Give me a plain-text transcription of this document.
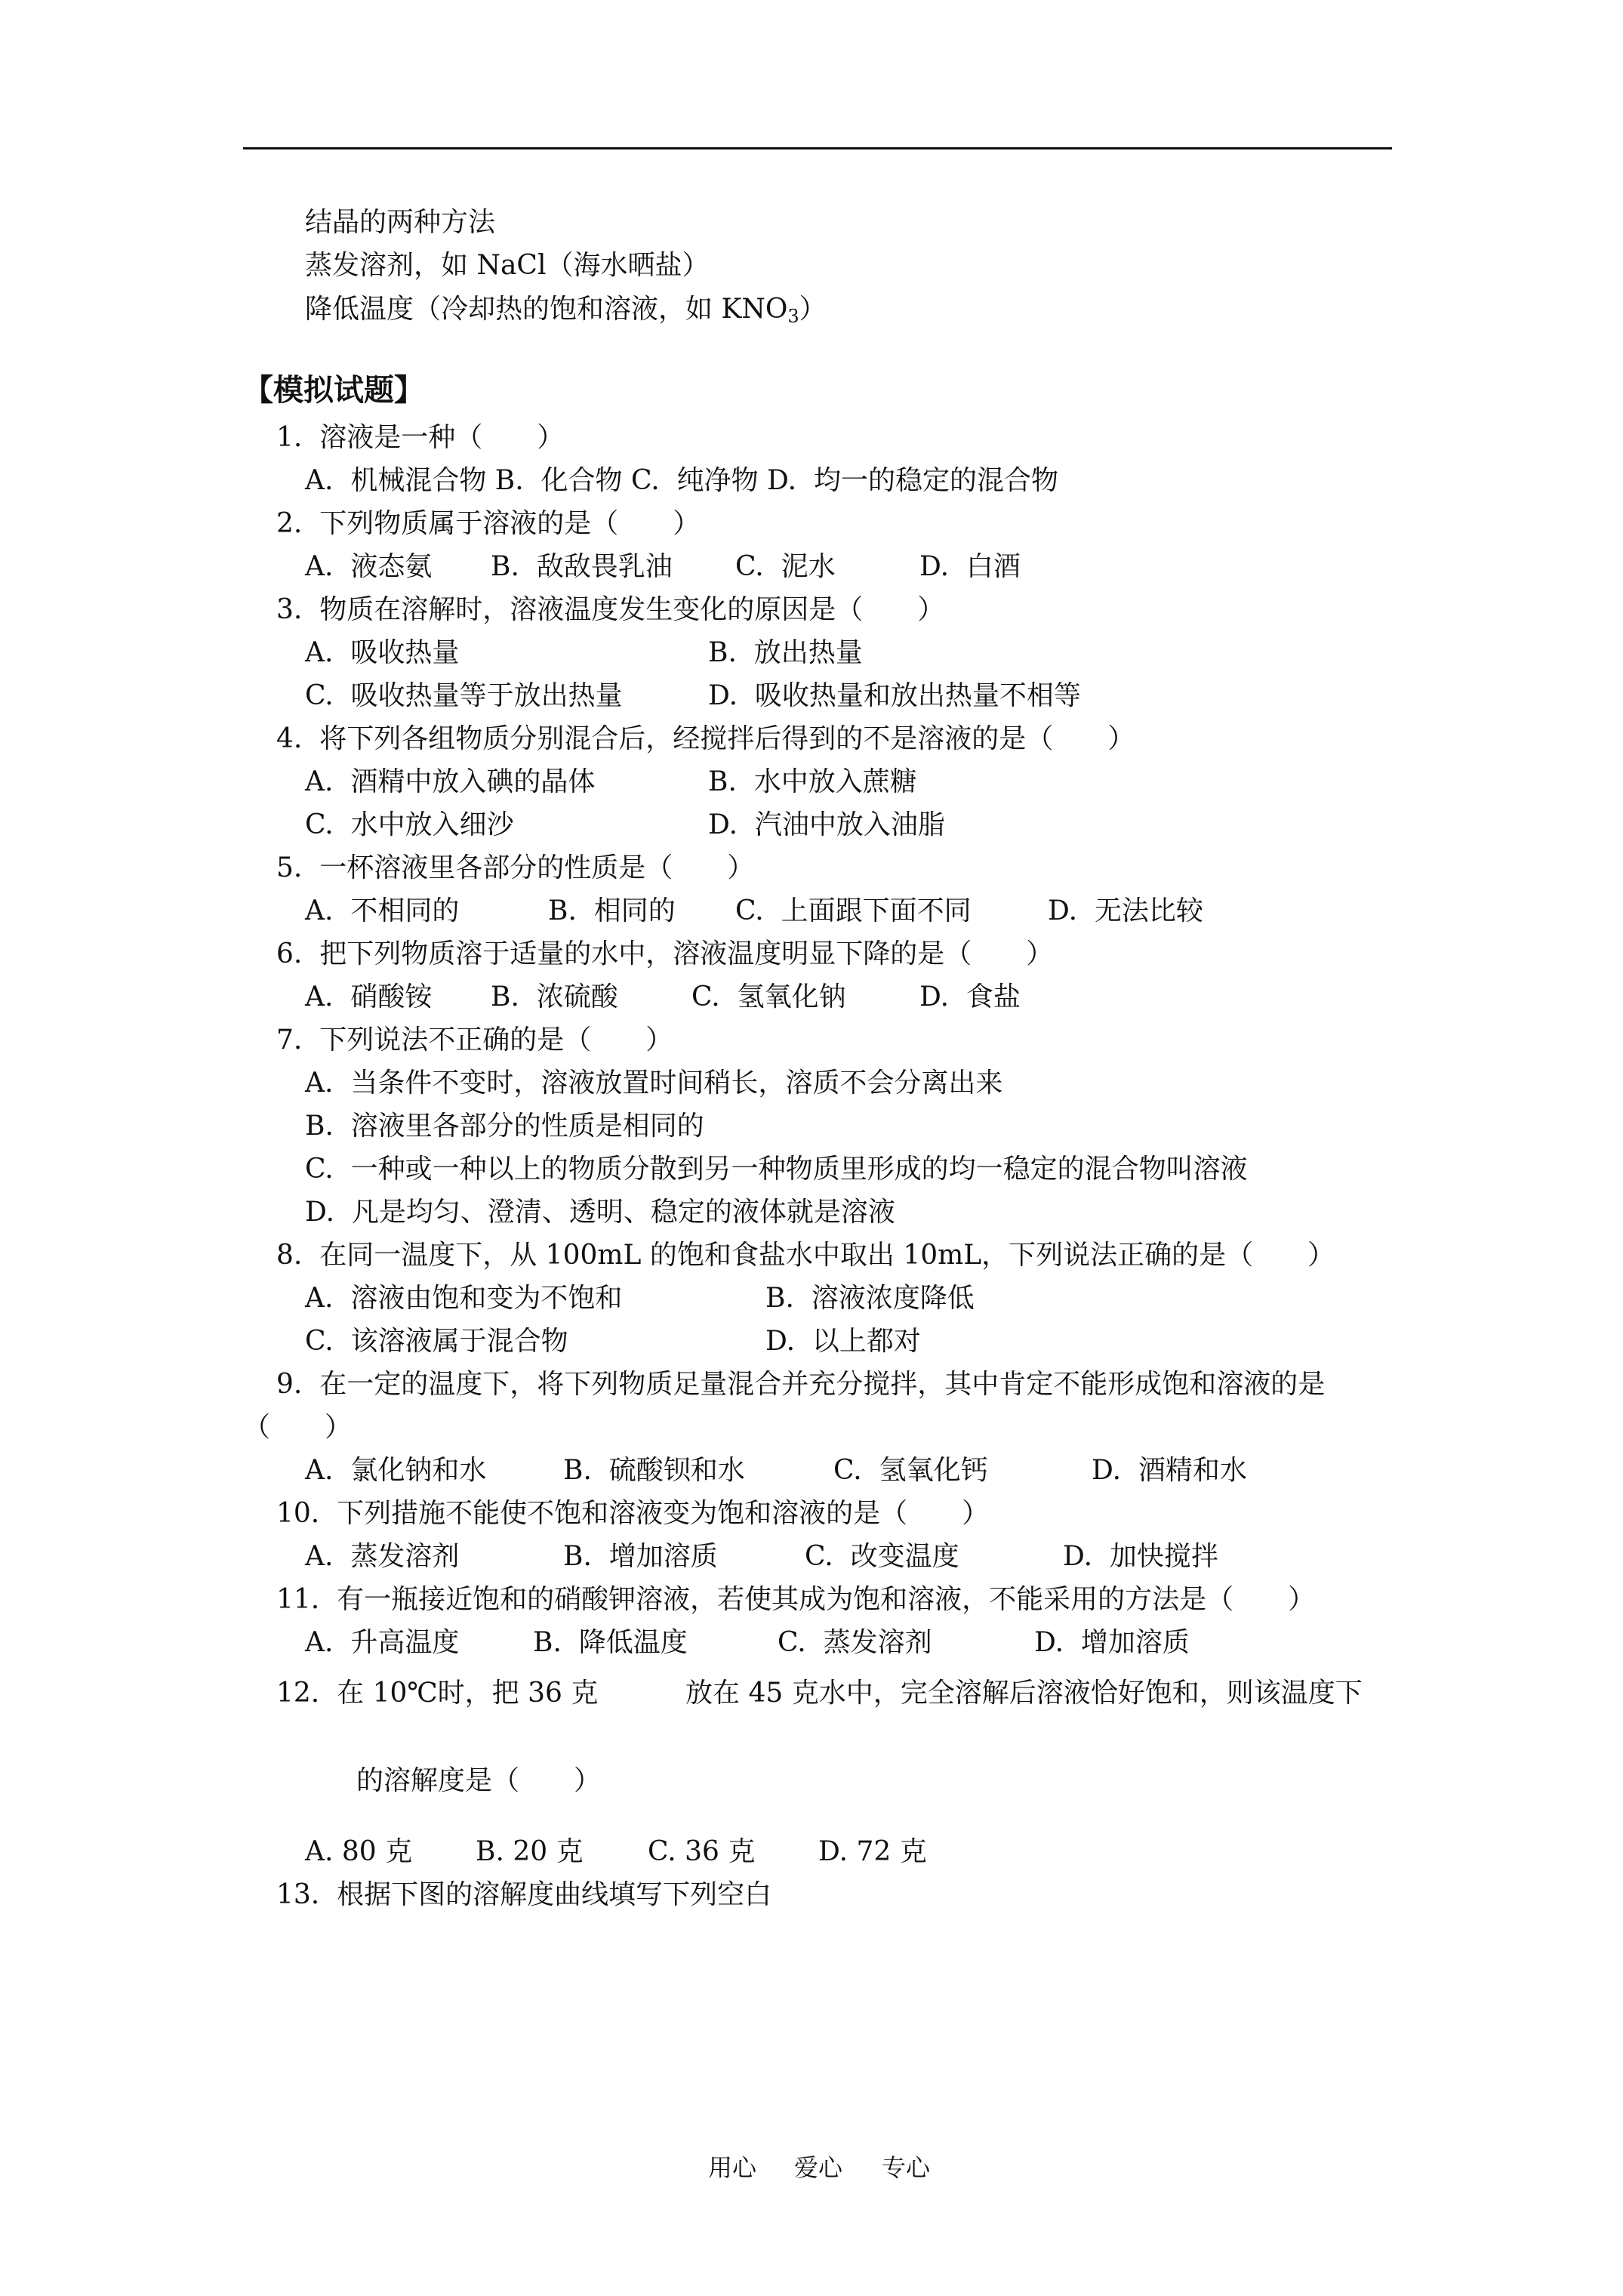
结晶的两种方法
蒸发溶剂，如 NaCl（海水晒盐）
降低温度（冷却热的饱和溶液，如 $KNO_3$）
【模拟试题】
1.  溶液是一种（　　）
A.  机械混合物 B.  化合物 C.  纯净物 D.  均一的稳定的混合物
2.  下列物质属于溶液的是（　　）
A.  液态氨 B.  敌敌畏乳油 C.  泥水	D.  白酒
3.  物质在溶解时，溶液温度发生变化的原因是（　　）
A.  吸收热量	B.  放出热量
C.  吸收热量等于放出热量	D.  吸收热量和放出热量不相等
4.  将下列各组物质分别混合后，经搅拌后得到的不是溶液的是（　　）
A.  酒精中放入碘的晶体	B.  水中放入蔗糖
C.  水中放入细沙	D.  汽油中放入油脂
5.  一杯溶液里各部分的性质是（　　）
A.  不相同的	B.  相同的 C.  上面跟下面不同	D.  无法比较
6.  把下列物质溶于适量的水中，溶液温度明显下降的是（　　）
A.  硝酸铵 B.  浓硫酸	C.  氢氧化钠	D.  食盐
7.  下列说法不正确的是（　　）
A.  当条件不变时，溶液放置时间稍长，溶质不会分离出来
B.  溶液里各部分的性质是相同的
C.  一种或一种以上的物质分散到另一种物质里形成的均一稳定的混合物叫溶液
D.  凡是均匀、澄清、透明、稳定的液体就是溶液
8.  在同一温度下，从 100mL 的饱和食盐水中取出 10mL，下列说法正确的是（　　）
A.  溶液由饱和变为不饱和	B.  溶液浓度降低
C.  该溶液属于混合物	D.  以上都对
9.  在一定的温度下，将下列物质足量混合并充分搅拌，其中肯定不能形成饱和溶液的是
（　　）
A.  氯化钠和水	B.  硫酸钡和水	C.  氢氧化钙	D.  酒精和水
10.  下列措施不能使不饱和溶液变为饱和溶液的是（　　）
A.  蒸发溶剂	B.  增加溶质	C.  改变温度	D.  加快搅拌
11.  有一瓶接近饱和的硝酸钾溶液，若使其成为饱和溶液，不能采用的方法是（　　）
A.  升高温度	B.  降低温度	C.  蒸发溶剂	D.  增加溶质
12.  在 10℃时，把 36 克	放在 45 克水中，完全溶解后溶液恰好饱和，则该温度下
的溶解度是（　　）
A. 80 克 B. 20 克 C. 36 克 D. 72 克
13.  根据下图的溶解度曲线填写下列空白
用心 爱心 专心
